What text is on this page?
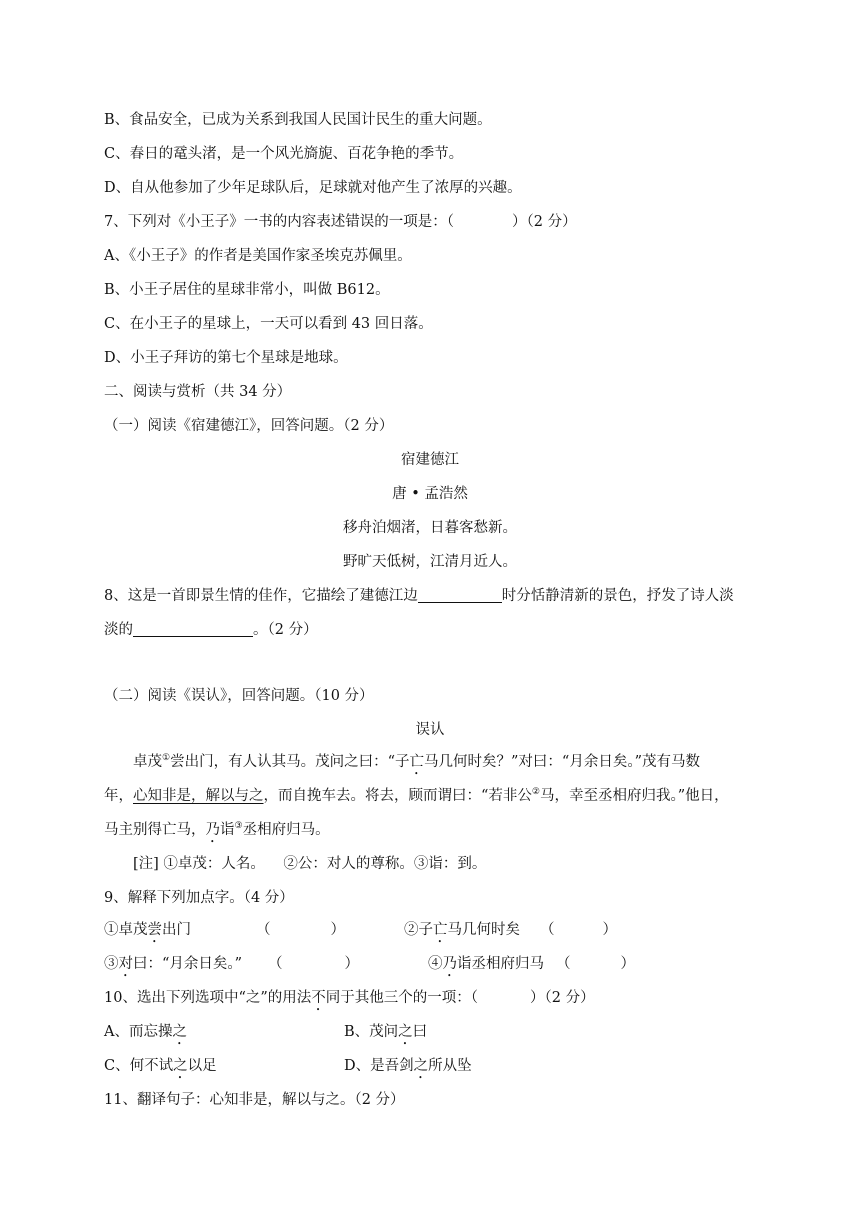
B、食品安全，已成为关系到我国人民国计民生的重大问题。
C、春日的鼋头渚，是一个风光旖旎、百花争艳的季节。
D、自从他参加了少年足球队后，足球就对他产生了浓厚的兴趣。
7、下列对《小王子》一书的内容表述错误的一项是：（	）（2 分）
A、《小王子》的作者是美国作家圣埃克苏佩里。
B、小王子居住的星球非常小，叫做 B612。
C、在小王子的星球上，一天可以看到 43 回日落。
D、小王子拜访的第七个星球是地球。
二、阅读与赏析（共 34 分）
（一）阅读《宿建德江》，回答问题。（2 分）
宿建德江
唐 • 孟浩然
移舟泊烟渚，日暮客愁新。
野旷天低树，江清月近人。
8、这是一首即景生情的佳作，它描绘了建德江边	时分恬静清新的景色，抒发了诗人淡
淡的	。（2 分）
（二）阅读《误认》，回答问题。（10 分）
误认
卓茂①尝出门，有人认其马。茂问之曰：“子亡马几何时矣？”对曰：“月余日矣。”茂有马数
年，心知非是，解以与之，而自挽车去。将去，顾而谓曰：“若非公②马，幸至丞相府归我。”他日，
马主别得亡马，乃诣③丞相府归马。
[注] ①卓茂：人名。    ②公：对人的尊称。③诣：到。
9、解释下列加点字。（4 分）
①卓茂尝出门	（	）	②子亡马几何时矣 （	）
③对曰：“月余日矣。” （	）	④乃诣丞相府归马 （	）
10、选出下列选项中“之”的用法不同于其他三个的一项：（	）（2 分）
A、而忘操之	B、茂问之曰
C、何不试之以足	D、是吾剑之所从坠
11、翻译句子：心知非是，解以与之。（2 分）
